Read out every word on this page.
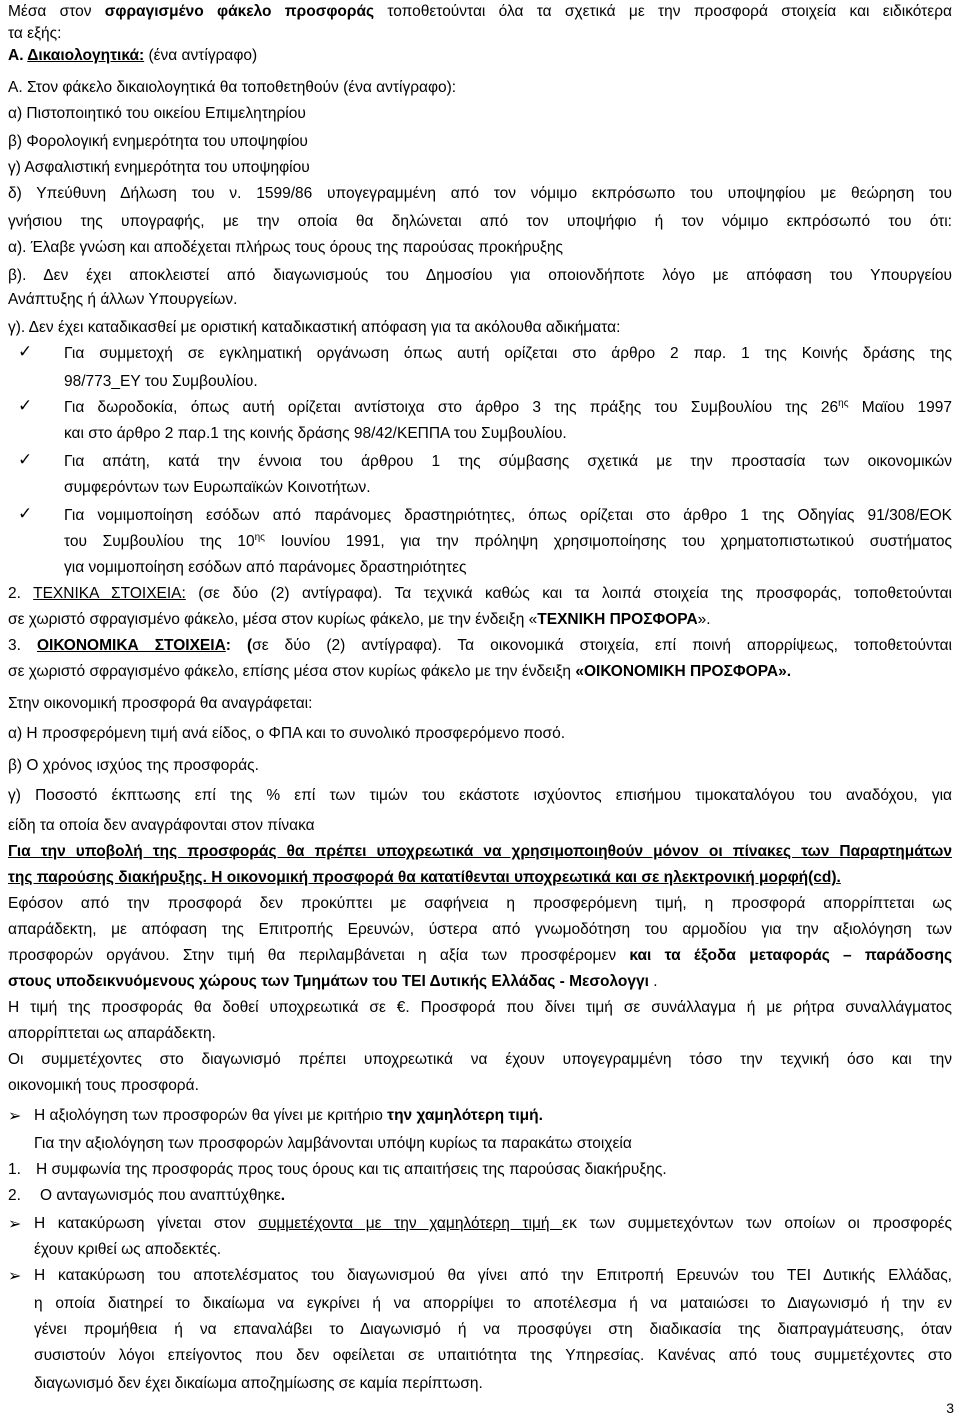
Μέσα στον σφραγισμένο φάκελο προσφοράς τοποθετούνται όλα τα σχετικά με την προσφορά στοιχεία και ειδικότερα
τα εξής:
Α. Δικαιολογητικά: (ένα αντίγραφο)
Α. Στον φάκελο δικαιολογητικά θα τοποθετηθούν (ένα αντίγραφο):
α) Πιστοποιητικό του οικείου Επιμελητηρίου
β) Φορολογική ενημερότητα του υποψηφίου
γ) Ασφαλιστική ενημερότητα του υποψηφίου
δ) Υπεύθυνη Δήλωση του ν. 1599/86 υπογεγραμμένη από τον νόμιμο εκπρόσωπο του υποψηφίου με θεώρηση του
γνήσιου της υπογραφής, με την οποία θα δηλώνεται από τον υποψήφιο ή τον νόμιμο εκπρόσωπό του ότι:
α). Έλαβε γνώση και αποδέχεται πλήρως τους όρους της παρούσας προκήρυξης
β). Δεν έχει αποκλειστεί από διαγωνισμούς του Δημοσίου για οποιονδήποτε λόγο με απόφαση του Υπουργείου
Ανάπτυξης ή άλλων Υπουργείων.
γ). Δεν έχει καταδικασθεί με οριστική καταδικαστική απόφαση για τα ακόλουθα αδικήματα:
✓ Για συμμετοχή σε εγκληματική οργάνωση όπως αυτή ορίζεται στο άρθρο 2 παρ. 1 της Κοινής δράσης της
98/773_ΕΥ του Συμβουλίου.
✓ Για δωροδοκία, όπως αυτή ορίζεται αντίστοιχα στο άρθρο 3 της πράξης του Συμβουλίου της $26^{\eta\varsigma}$ Μαϊου 1997
και στο άρθρο 2 παρ.1 της κοινής δράσης 98/42/ΚΕΠΠΑ του Συμβουλίου.
✓ Για απάτη, κατά την έννοια του άρθρου 1 της σύμβασης σχετικά με την προστασία των οικονομικών
συμφερόντων των Ευρωπαϊκών Κοινοτήτων.
✓ Για νομιμοποίηση εσόδων από παράνομες δραστηριότητες, όπως ορίζεται στο άρθρο 1 της Οδηγίας 91/308/ΕΟΚ
του Συμβουλίου της $10^{\eta\varsigma}$ Ιουνίου 1991, για την πρόληψη χρησιμοποίησης του χρηματοπιστωτικού συστήματος
για νομιμοποίηση εσόδων από παράνομες δραστηριότητες
2. ΤΕΧΝΙΚΑ ΣΤΟΙΧΕΙΑ: (σε δύο (2) αντίγραφα). Τα τεχνικά καθώς και τα λοιπά στοιχεία της προσφοράς, τοποθετούνται
σε χωριστό σφραγισμένο φάκελο, μέσα στον κυρίως φάκελο, με την ένδειξη «ΤΕΧΝΙΚΗ ΠΡΟΣΦΟΡΑ».
3. ΟΙΚΟΝΟΜΙΚΑ ΣΤΟΙΧΕΙΑ: (σε δύο (2) αντίγραφα). Τα οικονομικά στοιχεία, επί ποινή απορρίψεως, τοποθετούνται
σε χωριστό σφραγισμένο φάκελο, επίσης μέσα στον κυρίως φάκελο με την ένδειξη «ΟΙΚΟΝΟΜΙΚΗ ΠΡΟΣΦΟΡΑ».
Στην οικονομική προσφορά θα αναγράφεται:
α) Η προσφερόμενη τιμή ανά είδος, ο ΦΠΑ και το συνολικό προσφερόμενο ποσό.
β) Ο χρόνος ισχύος της προσφοράς.
γ) Ποσοστό έκπτωσης επί της % επί των τιμών του εκάστοτε ισχύοντος επισήμου τιμοκαταλόγου του αναδόχου, για
είδη τα οποία δεν αναγράφονται στον πίνακα
Για την υποβολή της προσφοράς θα πρέπει υποχρεωτικά να χρησιμοποιηθούν μόνον οι πίνακες των Παραρτημάτων
της παρούσης διακήρυξης. Η οικονομική προσφορά θα κατατίθενται υποχρεωτικά και σε ηλεκτρονική μορφή(cd).
Εφόσον από την προσφορά δεν προκύπτει με σαφήνεια η προσφερόμενη τιμή, η προσφορά απορρίπτεται ως
απαράδεκτη, με απόφαση της Επιτροπής Ερευνών, ύστερα από γνωμοδότηση του αρμοδίου για την αξιολόγηση των
προσφορών οργάνου. Στην τιμή θα περιλαμβάνεται η αξία των προσφέρομεν και τα έξοδα μεταφοράς – παράδοσης
στους υποδεικνυόμενους χώρους των Τμημάτων του ΤΕΙ Δυτικής Ελλάδας - Μεσολογγι .
Η τιμή της προσφοράς θα δοθεί υποχρεωτικά σε €. Προσφορά που δίνει τιμή σε συνάλλαγμα ή με ρήτρα συναλλάγματος
απορρίπτεται ως απαράδεκτη.
Οι συμμετέχοντες στο διαγωνισμό πρέπει υποχρεωτικά να έχουν υπογεγραμμένη τόσο την τεχνική όσο και την
οικονομική τους προσφορά.
➢ Η αξιολόγηση των προσφορών θα γίνει με κριτήριο την χαμηλότερη τιμή.
Για την αξιολόγηση των προσφορών λαμβάνονται υπόψη κυρίως τα παρακάτω στοιχεία
1. Η συμφωνία της προσφοράς προς τους όρους και τις απαιτήσεις της παρούσας διακήρυξης.
2. Ο ανταγωνισμός που αναπτύχθηκε.
➢ Η κατακύρωση γίνεται στον συμμετέχοντα με την χαμηλότερη τιμή εκ των συμμετεχόντων των οποίων οι προσφορές
έχουν κριθεί ως αποδεκτές.
➢ Η κατακύρωση του αποτελέσματος του διαγωνισμού θα γίνει από την Επιτροπή Ερευνών του ΤΕΙ Δυτικής Ελλάδας,
η οποία διατηρεί το δικαίωμα να εγκρίνει ή να απορρίψει το αποτέλεσμα ή να ματαιώσει το Διαγωνισμό ή την εν
γένει προμήθεια ή να επαναλάβει το Διαγωνισμό ή να προσφύγει στη διαδικασία της διαπραγμάτευσης, όταν
συσιστούν λόγοι επείγοντος που δεν οφείλεται σε υπαιτιότητα της Υπηρεσίας. Κανένας από τους συμμετέχοντες στο
διαγωνισμό δεν έχει δικαίωμα αποζημίωσης σε καμία περίπτωση.
3
